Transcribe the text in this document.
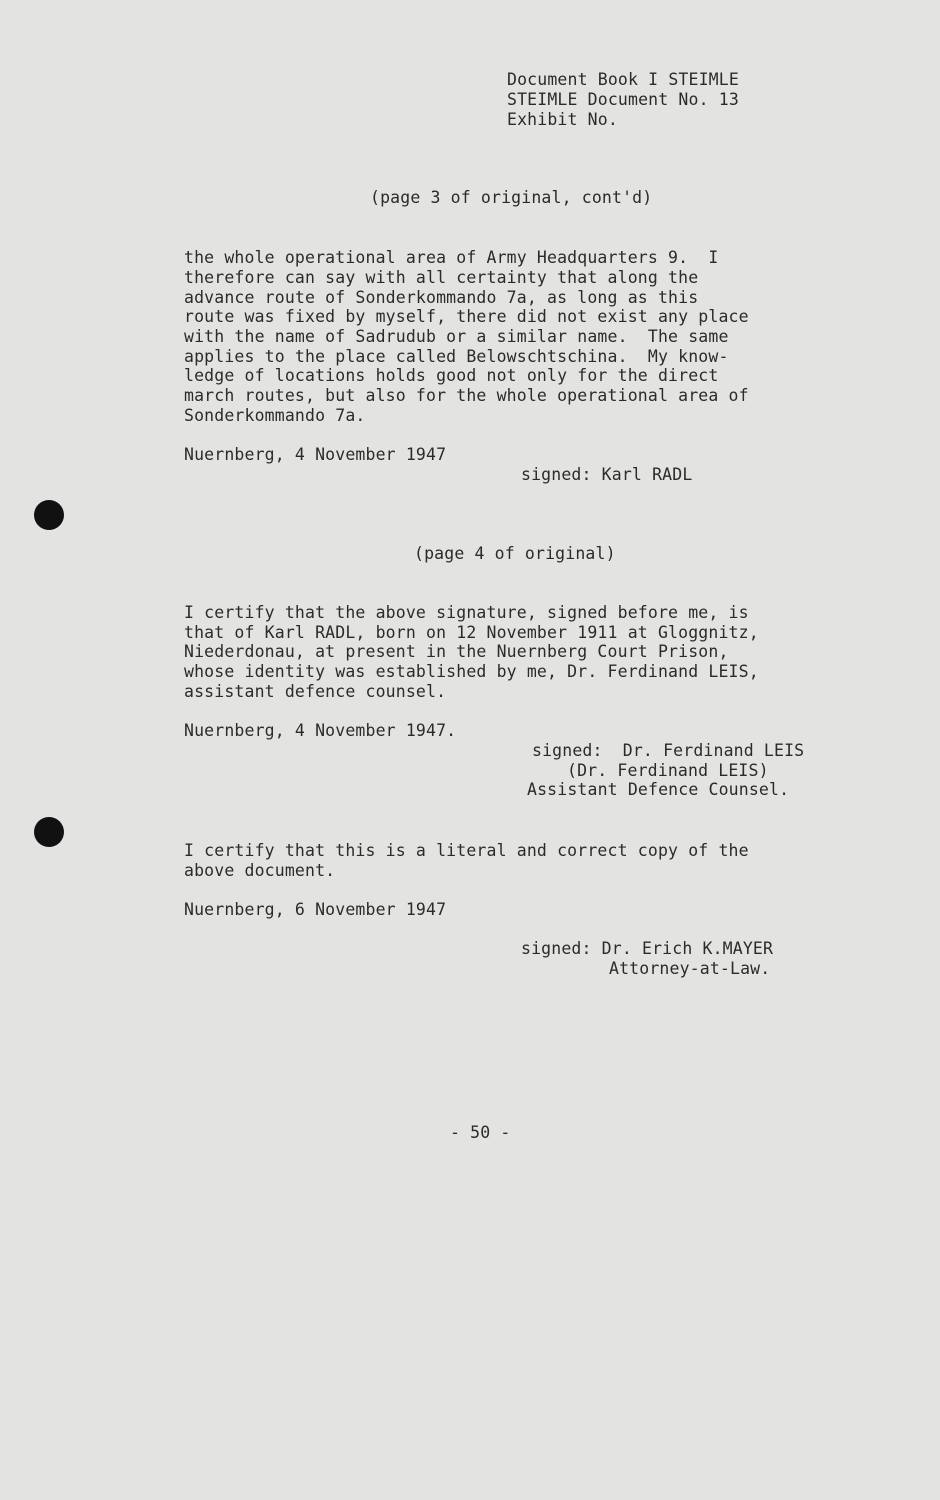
Document Book I STEIMLE
STEIMLE Document No. 13
Exhibit No.
(page 3 of original, cont'd)
the whole operational area of Army Headquarters 9.  I
therefore can say with all certainty that along the
advance route of Sonderkommando 7a, as long as this
route was fixed by myself, there did not exist any place
with the name of Sadrudub or a similar name.  The same
applies to the place called Belowschtschina.  My know-
ledge of locations holds good not only for the direct
march routes, but also for the whole operational area of
Sonderkommando 7a.
Nuernberg, 4 November 1947
signed: Karl RADL
(page 4 of original)
I certify that the above signature, signed before me, is
that of Karl RADL, born on 12 November 1911 at Gloggnitz,
Niederdonau, at present in the Nuernberg Court Prison,
whose identity was established by me, Dr. Ferdinand LEIS,
assistant defence counsel.
Nuernberg, 4 November 1947.
signed:  Dr. Ferdinand LEIS
(Dr. Ferdinand LEIS)
Assistant Defence Counsel.
I certify that this is a literal and correct copy of the
above document.
Nuernberg, 6 November 1947
signed: Dr. Erich K.MAYER
Attorney-at-Law.
- 50 -
